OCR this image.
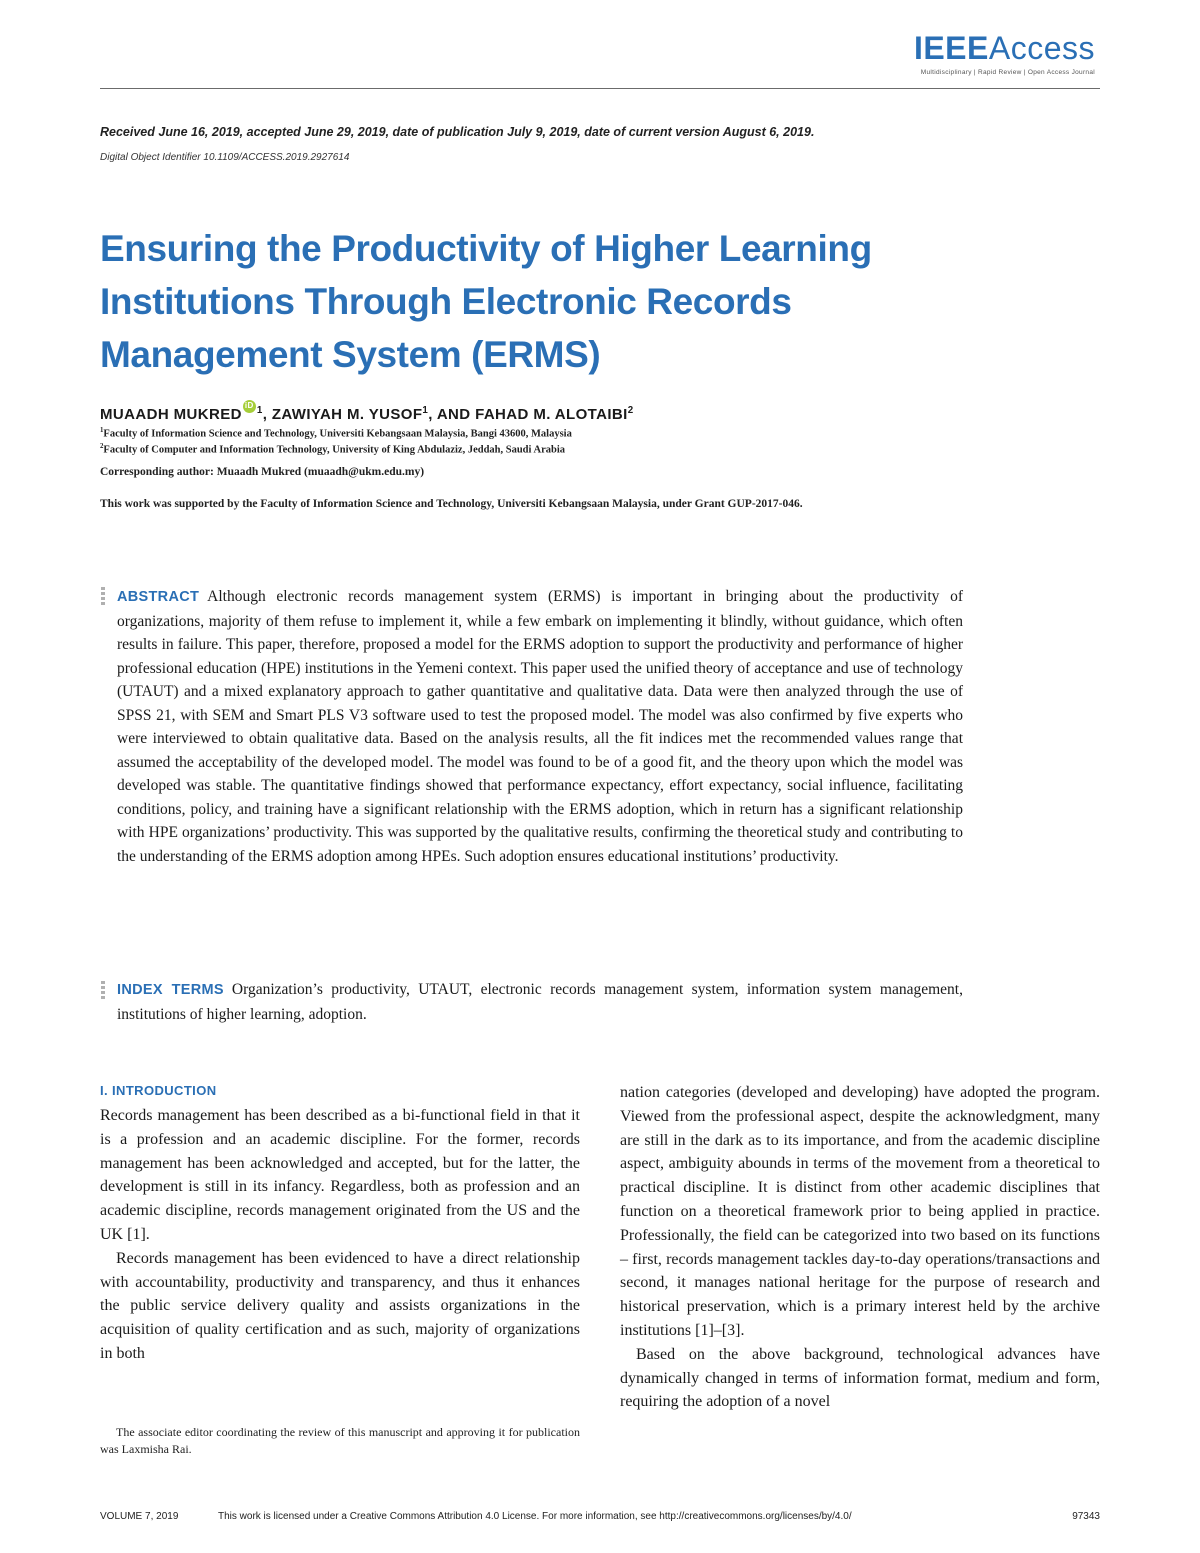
IEEEAccess
Multidisciplinary | Rapid Review | Open Access Journal
Received June 16, 2019, accepted June 29, 2019, date of publication July 9, 2019, date of current version August 6, 2019.
Digital Object Identifier 10.1109/ACCESS.2019.2927614
Ensuring the Productivity of Higher Learning Institutions Through Electronic Records Management System (ERMS)
MUAADH MUKREDiD $^1$, ZAWIYAH M. YUSOF$^1$, AND FAHAD M. ALOTAIBI$^2$
$^1$Faculty of Information Science and Technology, Universiti Kebangsaan Malaysia, Bangi 43600, Malaysia
$^2$Faculty of Computer and Information Technology, University of King Abdulaziz, Jeddah, Saudi Arabia
Corresponding author: Muaadh Mukred (muaadh@ukm.edu.my)
This work was supported by the Faculty of Information Science and Technology, Universiti Kebangsaan Malaysia, under Grant GUP-2017-046.
ABSTRACT Although electronic records management system (ERMS) is important in bringing about the productivity of organizations, majority of them refuse to implement it, while a few embark on implementing it blindly, without guidance, which often results in failure. This paper, therefore, proposed a model for the ERMS adoption to support the productivity and performance of higher professional education (HPE) institutions in the Yemeni context. This paper used the unified theory of acceptance and use of technology (UTAUT) and a mixed explanatory approach to gather quantitative and qualitative data. Data were then analyzed through the use of SPSS 21, with SEM and Smart PLS V3 software used to test the proposed model. The model was also confirmed by five experts who were interviewed to obtain qualitative data. Based on the analysis results, all the fit indices met the recommended values range that assumed the acceptability of the developed model. The model was found to be of a good fit, and the theory upon which the model was developed was stable. The quantitative findings showed that performance expectancy, effort expectancy, social influence, facilitating conditions, policy, and training have a significant relationship with the ERMS adoption, which in return has a significant relationship with HPE organizations’ productivity. This was supported by the qualitative results, confirming the theoretical study and contributing to the understanding of the ERMS adoption among HPEs. Such adoption ensures educational institutions’ productivity.
INDEX TERMS Organization’s productivity, UTAUT, electronic records management system, information system management, institutions of higher learning, adoption.
I. INTRODUCTION

Records management has been described as a bi-functional field in that it is a profession and an academic discipline. For the former, records management has been acknowledged and accepted, but for the latter, the development is still in its infancy. Regardless, both as profession and an academic discipline, records management originated from the US and the UK [1].

Records management has been evidenced to have a direct relationship with accountability, productivity and transparency, and thus it enhances the public service delivery quality and assists organizations in the acquisition of quality certification and as such, majority of organizations in both

nation categories (developed and developing) have adopted the program. Viewed from the professional aspect, despite the acknowledgment, many are still in the dark as to its importance, and from the academic discipline aspect, ambiguity abounds in terms of the movement from a theoretical to practical discipline. It is distinct from other academic disciplines that function on a theoretical framework prior to being applied in practice. Professionally, the field can be categorized into two based on its functions – first, records management tackles day-to-day operations/transactions and second, it manages national heritage for the purpose of research and historical preservation, which is a primary interest held by the archive institutions [1]–[3].

Based on the above background, technological advances have dynamically changed in terms of information format, medium and form, requiring the adoption of a novel

The associate editor coordinating the review of this manuscript and approving it for publication was Laxmisha Rai.
VOLUME 7, 2019	This work is licensed under a Creative Commons Attribution 4.0 License. For more information, see http://creativecommons.org/licenses/by/4.0/	97343
